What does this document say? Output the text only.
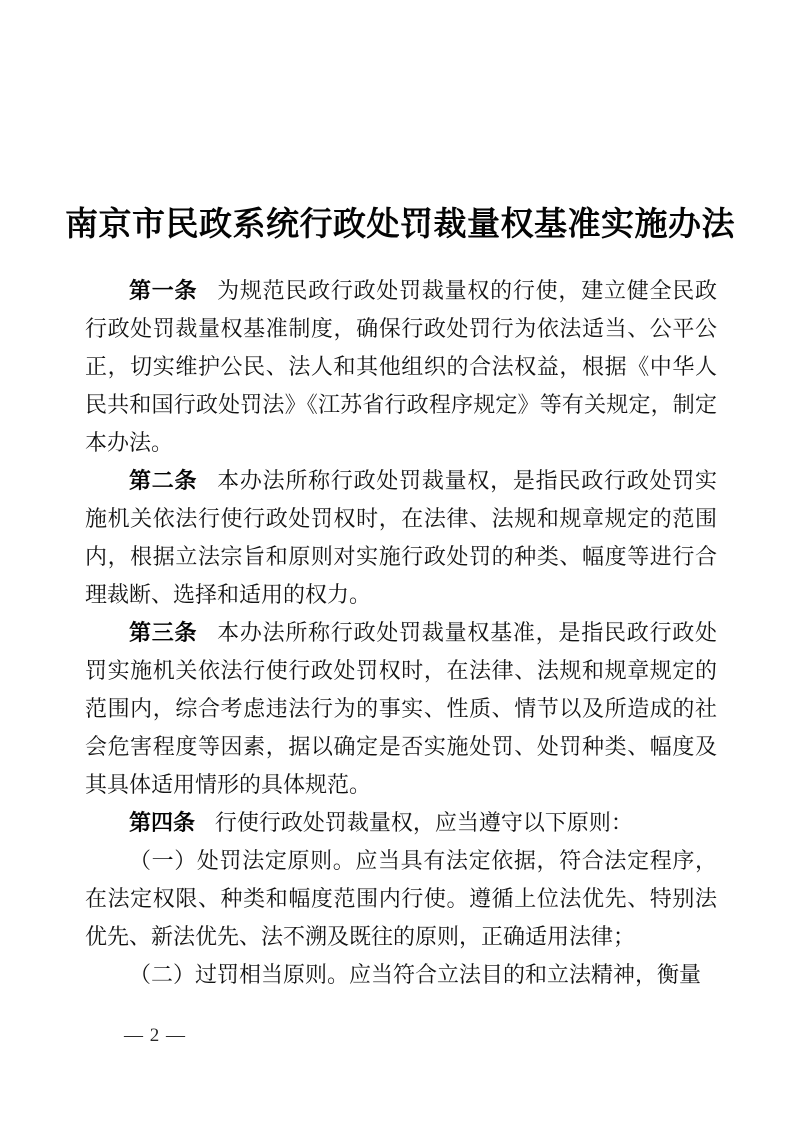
南京市民政系统行政处罚裁量权基准实施办法

第一条 为规范民政行政处罚裁量权的行使，建立健全民政行政处罚裁量权基准制度，确保行政处罚行为依法适当、公平公正，切实维护公民、法人和其他组织的合法权益，根据《中华人民共和国行政处罚法》《江苏省行政程序规定》等有关规定，制定本办法。

第二条 本办法所称行政处罚裁量权，是指民政行政处罚实施机关依法行使行政处罚权时，在法律、法规和规章规定的范围内，根据立法宗旨和原则对实施行政处罚的种类、幅度等进行合理裁断、选择和适用的权力。

第三条 本办法所称行政处罚裁量权基准，是指民政行政处罚实施机关依法行使行政处罚权时，在法律、法规和规章规定的范围内，综合考虑违法行为的事实、性质、情节以及所造成的社会危害程度等因素，据以确定是否实施处罚、处罚种类、幅度及其具体适用情形的具体规范。

第四条 行使行政处罚裁量权，应当遵守以下原则：

（一）处罚法定原则。应当具有法定依据，符合法定程序，在法定权限、种类和幅度范围内行使。遵循上位法优先、特别法优先、新法优先、法不溯及既往的原则，正确适用法律；

（二）过罚相当原则。应当符合立法目的和立法精神，衡量

— 2 —
